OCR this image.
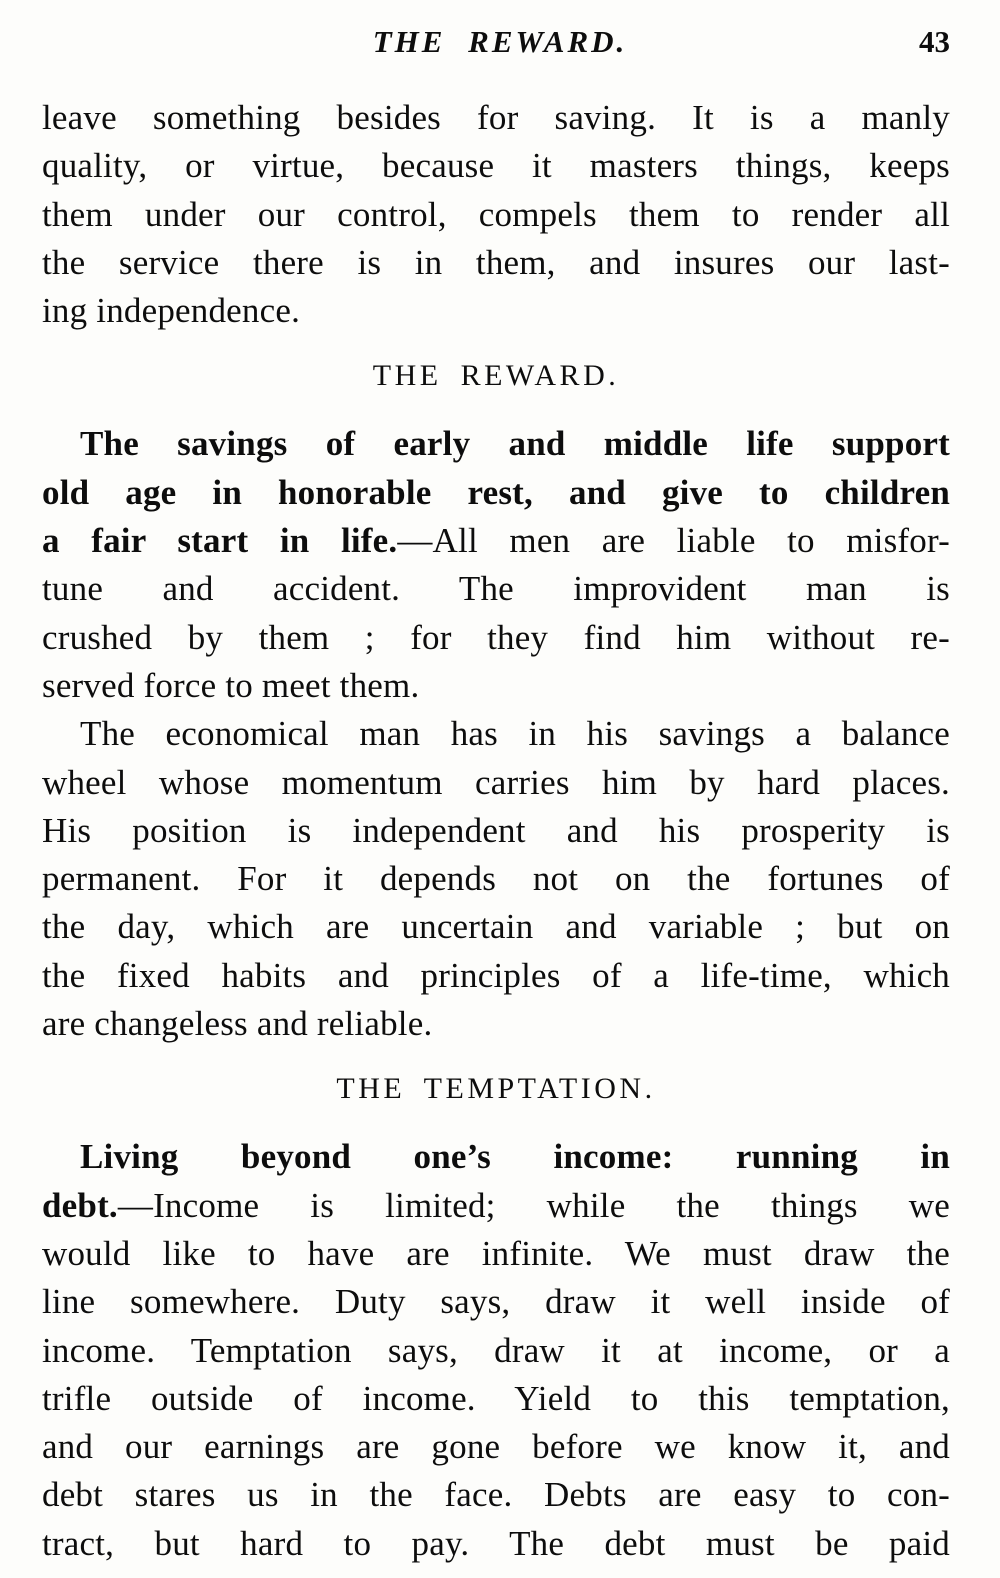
THE REWARD.	43
leave something besides for saving. It is a manly
quality, or virtue, because it masters things, keeps
them under our control, compels them to render all
the service there is in them, and insures our last-
ing independence.
THE REWARD.
The savings of early and middle life support
old age in honorable rest, and give to children
a fair start in life.—All men are liable to misfor-
tune and accident. The improvident man is
crushed by them ; for they find him without re-
served force to meet them.
The economical man has in his savings a balance
wheel whose momentum carries him by hard places.
His position is independent and his prosperity is
permanent. For it depends not on the fortunes of
the day, which are uncertain and variable ; but on
the fixed habits and principles of a life-time, which
are changeless and reliable.
THE TEMPTATION.
Living beyond one’s income: running in
debt.—Income is limited; while the things we
would like to have are infinite. We must draw the
line somewhere. Duty says, draw it well inside of
income. Temptation says, draw it at income, or a
trifle outside of income. Yield to this temptation,
and our earnings are gone before we know it, and
debt stares us in the face. Debts are easy to con-
tract, but hard to pay. The debt must be paid
